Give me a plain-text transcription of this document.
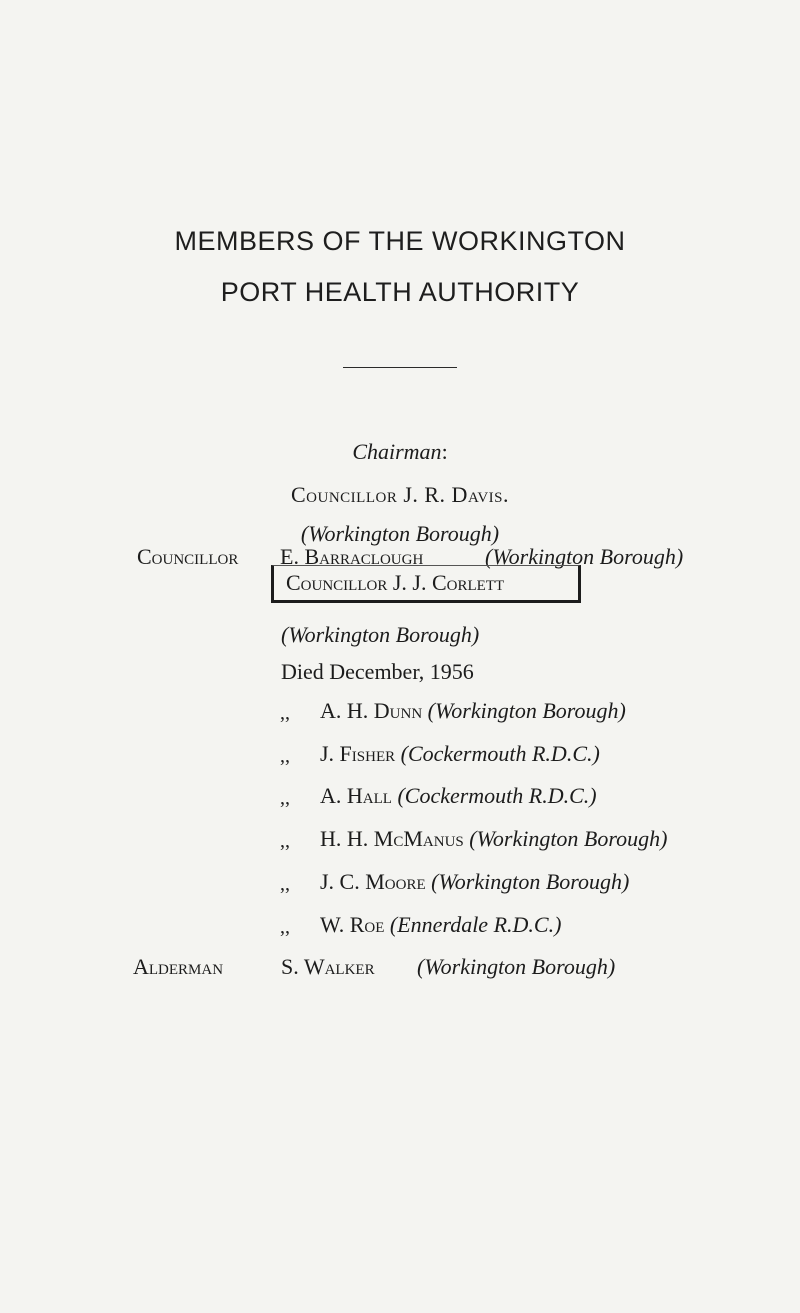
MEMBERS OF THE WORKINGTON
PORT HEALTH AUTHORITY
Chairman:
Councillor J. R. Davis.
(Workington Borough)
Councillor E. Barraclough	(Workington Borough)
Councillor J. J. Corlett
(Workington Borough)
Died December, 1956
,, A. H. Dunn (Workington Borough)
,, J. Fisher (Cockermouth R.D.C.)
,, A. Hall (Cockermouth R.D.C.)
,, H. H. McManus (Workington Borough)
,, J. C. Moore (Workington Borough)
,, W. Roe (Ennerdale R.D.C.)
Alderman	S. Walker (Workington Borough)
